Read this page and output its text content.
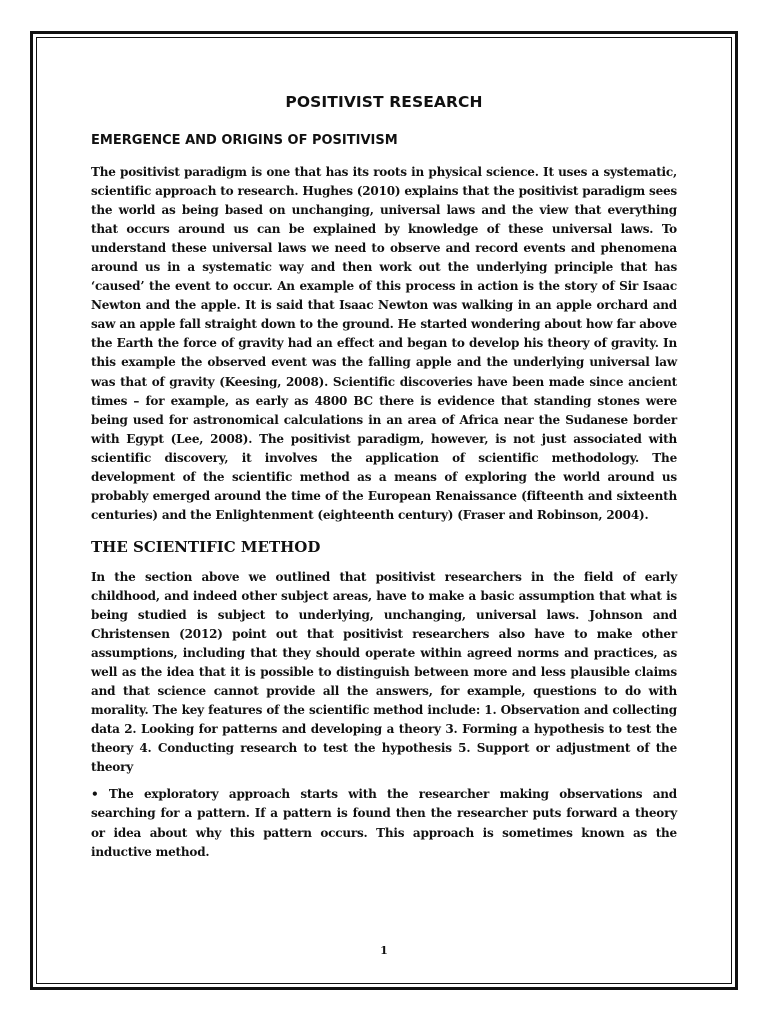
POSITIVIST RESEARCH
EMERGENCE AND ORIGINS OF POSITIVISM

The positivist paradigm is one that has its roots in physical science. It uses a systematic, scientific approach to research. Hughes (2010) explains that the positivist paradigm sees the world as being based on unchanging, universal laws and the view that everything that occurs around us can be explained by knowledge of these universal laws. To understand these universal laws we need to observe and record events and phenomena around us in a systematic way and then work out the underlying principle that has ‘caused’ the event to occur. An example of this process in action is the story of Sir Isaac Newton and the apple. It is said that Isaac Newton was walking in an apple orchard and saw an apple fall straight down to the ground. He started wondering about how far above the Earth the force of gravity had an effect and began to develop his theory of gravity. In this example the observed event was the falling apple and the underlying universal law was that of gravity (Keesing, 2008). Scientific discoveries have been made since ancient times – for example, as early as 4800 BC there is evidence that standing stones were being used for astronomical calculations in an area of Africa near the Sudanese border with Egypt (Lee, 2008). The positivist paradigm, however, is not just associated with scientific discovery, it involves the application of scientific methodology. The development of the scientific method as a means of exploring the world around us probably emerged around the time of the European Renaissance (fifteenth and sixteenth centuries) and the Enlightenment (eighteenth century) (Fraser and Robinson, 2004).

THE SCIENTIFIC METHOD

In the section above we outlined that positivist researchers in the field of early childhood, and indeed other subject areas, have to make a basic assumption that what is being studied is subject to underlying, unchanging, universal laws. Johnson and Christensen (2012) point out that positivist researchers also have to make other assumptions, including that they should operate within agreed norms and practices, as well as the idea that it is possible to distinguish between more and less plausible claims and that science cannot provide all the answers, for example, questions to do with morality. The key features of the scientific method include: 1. Observation and collecting data 2. Looking for patterns and developing a theory 3. Forming a hypothesis to test the theory 4. Conducting research to test the hypothesis 5. Support or adjustment of the theory

• The exploratory approach starts with the researcher making observations and searching for a pattern. If a pattern is found then the researcher puts forward a theory or idea about why this pattern occurs. This approach is sometimes known as the inductive method.

1
